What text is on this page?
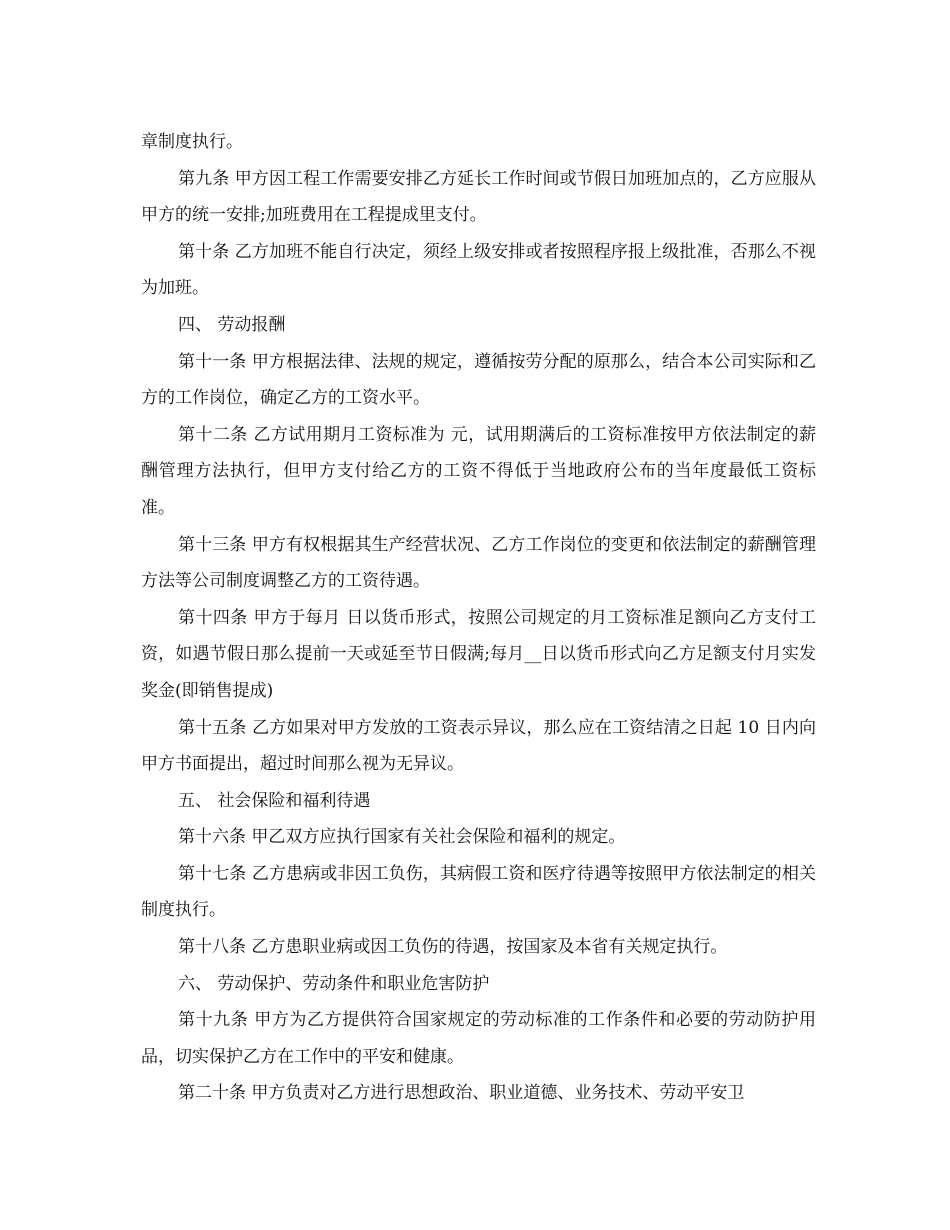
章制度执行。

第九条 甲方因工程工作需要安排乙方延长工作时间或节假日加班加点的，乙方应服从甲方的统一安排;加班费用在工程提成里支付。

第十条 乙方加班不能自行决定，须经上级安排或者按照程序报上级批准，否那么不视为加班。

四、 劳动报酬

第十一条 甲方根据法律、法规的规定，遵循按劳分配的原那么，结合本公司实际和乙方的工作岗位，确定乙方的工资水平。

第十二条 乙方试用期月工资标准为 元，试用期满后的工资标准按甲方依法制定的薪酬管理方法执行，但甲方支付给乙方的工资不得低于当地政府公布的当年度最低工资标准。

第十三条 甲方有权根据其生产经营状况、乙方工作岗位的变更和依法制定的薪酬管理方法等公司制度调整乙方的工资待遇。

第十四条 甲方于每月 日以货币形式，按照公司规定的月工资标准足额向乙方支付工资，如遇节假日那么提前一天或延至节日假满;每月__日以货币形式向乙方足额支付月实发奖金(即销售提成)

第十五条 乙方如果对甲方发放的工资表示异议，那么应在工资结清之日起 10 日内向甲方书面提出，超过时间那么视为无异议。

五、 社会保险和福利待遇

第十六条 甲乙双方应执行国家有关社会保险和福利的规定。

第十七条 乙方患病或非因工负伤，其病假工资和医疗待遇等按照甲方依法制定的相关制度执行。

第十八条 乙方患职业病或因工负伤的待遇，按国家及本省有关规定执行。

六、 劳动保护、劳动条件和职业危害防护

第十九条 甲方为乙方提供符合国家规定的劳动标准的工作条件和必要的劳动防护用品，切实保护乙方在工作中的平安和健康。

第二十条 甲方负责对乙方进行思想政治、职业道德、业务技术、劳动平安卫
